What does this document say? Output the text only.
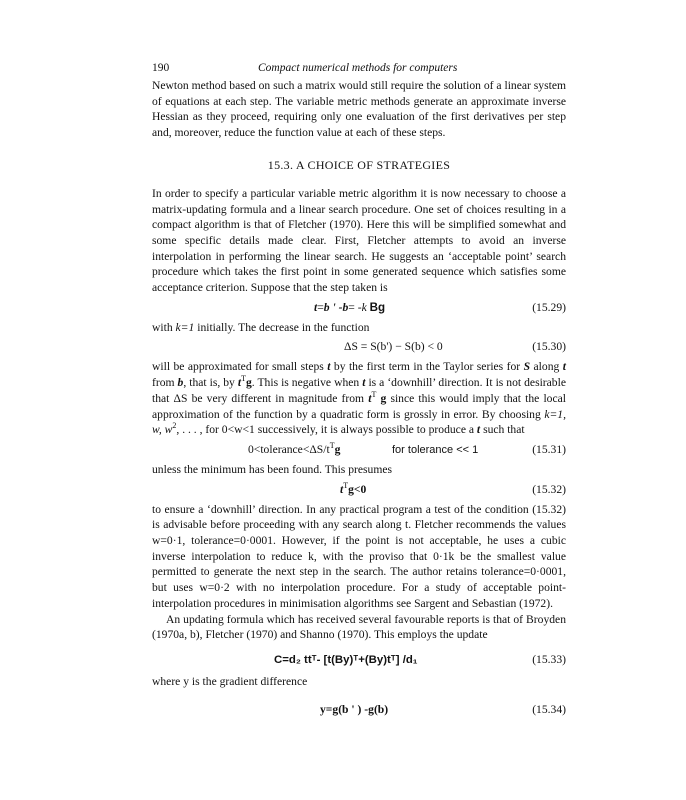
190	Compact numerical methods for computers

Newton method based on such a matrix would still require the solution of a linear system of equations at each step. The variable metric methods generate an approximate inverse Hessian as they proceed, requiring only one evaluation of the first derivatives per step and, moreover, reduce the function value at each of these steps.

15.3. A CHOICE OF STRATEGIES

In order to specify a particular variable metric algorithm it is now necessary to choose a matrix-updating formula and a linear search procedure. One set of choices resulting in a compact algorithm is that of Fletcher (1970). Here this will be simplified somewhat and some specific details made clear. First, Fletcher attempts to avoid an inverse interpolation in performing the linear search. He suggests an ‘acceptable point’ search procedure which takes the first point in some generated sequence which satisfies some acceptance criterion. Suppose that the step taken is

t=b ' -b= -k Bg	(15.29)

with k=1 initially. The decrease in the function

ΔS = S(b') − S(b) < 0	(15.30)

will be approximated for small steps t by the first term in the Taylor series for S along t from b, that is, by $t^Tg$. This is negative when t is a ‘downhill’ direction. It is not desirable that ΔS be very different in magnitude from $t^T$ g since this would imply that the local approximation of the function by a quadratic form is grossly in error. By choosing k=1, w, $w^2$, . . . , for 0<w<1 successively, it is always possible to produce a t such that

$0<tolerance<\Delta S/t^Tg$	for tolerance << 1	(15.31)

unless the minimum has been found. This presumes

$t^Tg<0$	(15.32)

to ensure a ‘downhill’ direction. In any practical program a test of the condition (15.32) is advisable before proceeding with any search along t. Fletcher recommends the values w=0·1, tolerance=0·0001. However, if the point is not acceptable, he uses a cubic inverse interpolation to reduce k, with the proviso that 0·1k be the smallest value permitted to generate the next step in the search. The author retains tolerance=0·0001, but uses w=0·2 with no interpolation procedure. For a study of acceptable point-interpolation procedures in minimisation algorithms see Sargent and Sebastian (1972).

An updating formula which has received several favourable reports is that of Broyden (1970a, b), Fletcher (1970) and Shanno (1970). This employs the update

C=d₂ ttᵀ- [t(By)ᵀ+(By)tᵀ] /d₁	(15.33)

where y is the gradient difference

y=g(b ' ) -g(b)	(15.34)
